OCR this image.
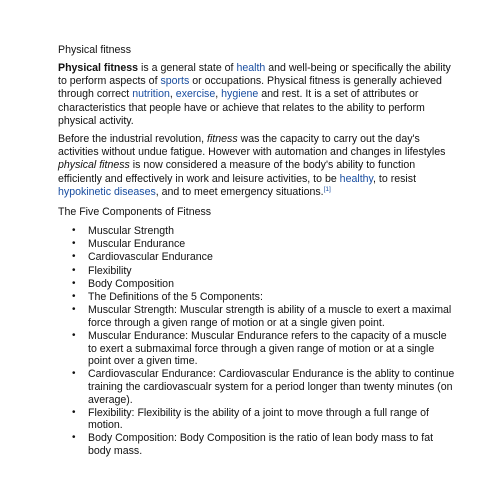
Physical fitness

Physical fitness is a general state of health and well-being or specifically the ability to perform aspects of sports or occupations. Physical fitness is generally achieved through correct nutrition, exercise, hygiene and rest. It is a set of attributes or characteristics that people have or achieve that relates to the ability to perform physical activity.

Before the industrial revolution, fitness was the capacity to carry out the day's activities without undue fatigue. However with automation and changes in lifestyles physical fitness is now considered a measure of the body's ability to function efficiently and effectively in work and leisure activities, to be healthy, to resist hypokinetic diseases, and to meet emergency situations.[1]

The Five Components of Fitness
• Muscular Strength
• Muscular Endurance
• Cardiovascular Endurance
• Flexibility
• Body Composition
• The Definitions of the 5 Components:
• Muscular Strength: Muscular strength is ability of a muscle to exert a maximal force through a given range of motion or at a single given point.
• Muscular Endurance: Muscular Endurance refers to the capacity of a muscle to exert a submaximal force through a given range of motion or at a single point over a given time.
• Cardiovascular Endurance: Cardiovascular Endurance is the ablity to continue training the cardiovascualr system for a period longer than twenty minutes (on average).
• Flexibility: Flexibility is the ability of a joint to move through a full range of motion.
• Body Composition: Body Composition is the ratio of lean body mass to fat body mass.
